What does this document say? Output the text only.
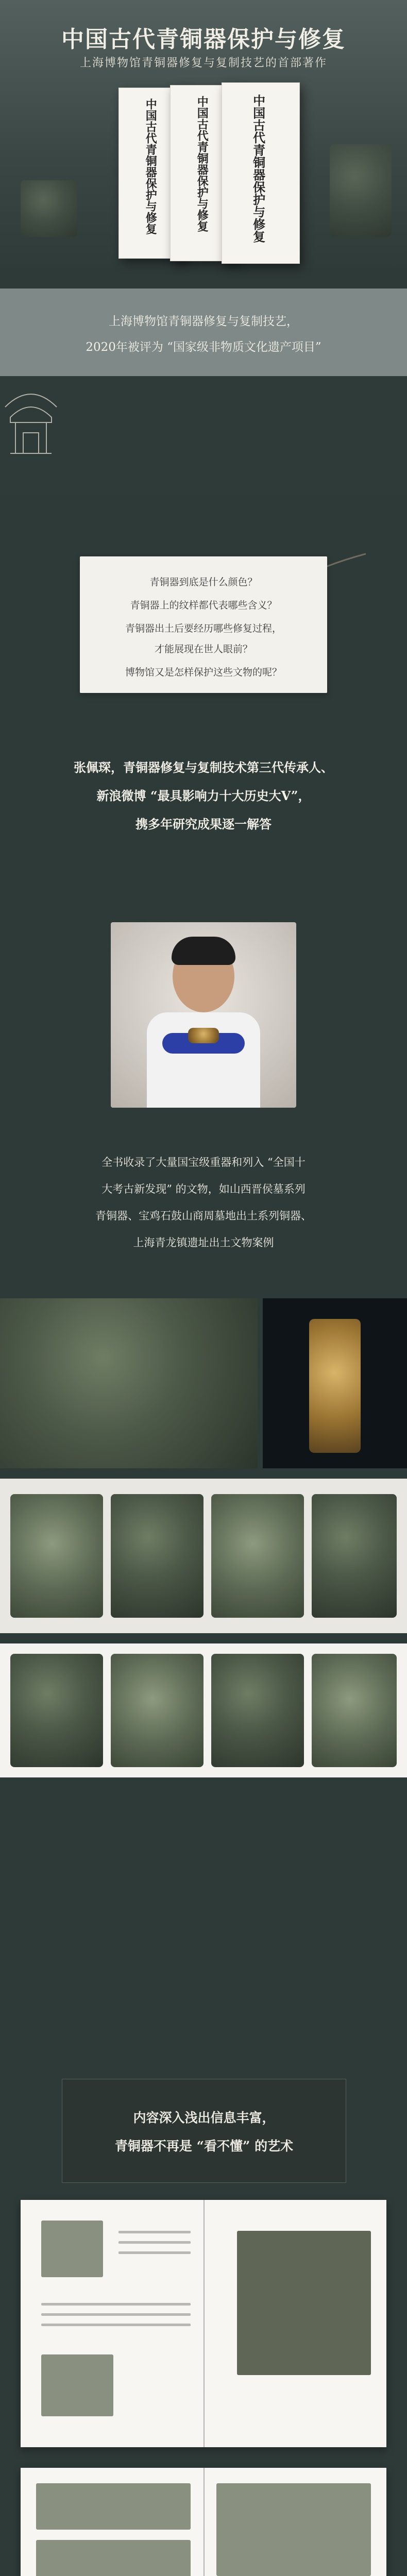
中国古代青铜器保护与修复
上海博物馆青铜器修复与复制技艺的首部著作
中国古代青铜器保护与修复	中国古代青铜器保护与修复	中国古代青铜器保护与修复
上海博物馆青铜器修复与复制技艺，
2020年被评为 “国家级非物质文化遗产项目”
青铜器到底是什么颜色？
青铜器上的纹样都代表哪些含义？
青铜器出土后要经历哪些修复过程，
才能展现在世人眼前？
博物馆又是怎样保护这些文物的呢？
张佩琛，青铜器修复与复制技术第三代传承人、
新浪微博 “最具影响力十大历史大V”，
携多年研究成果逐一解答
全书收录了大量国宝级重器和列入 “全国十
大考古新发现” 的文物，如山西晋侯墓系列
青铜器、宝鸡石鼓山商周墓地出土系列铜器、
上海青龙镇遗址出土文物案例
内容深入浅出信息丰富，
青铜器不再是 “看不懂” 的艺术
